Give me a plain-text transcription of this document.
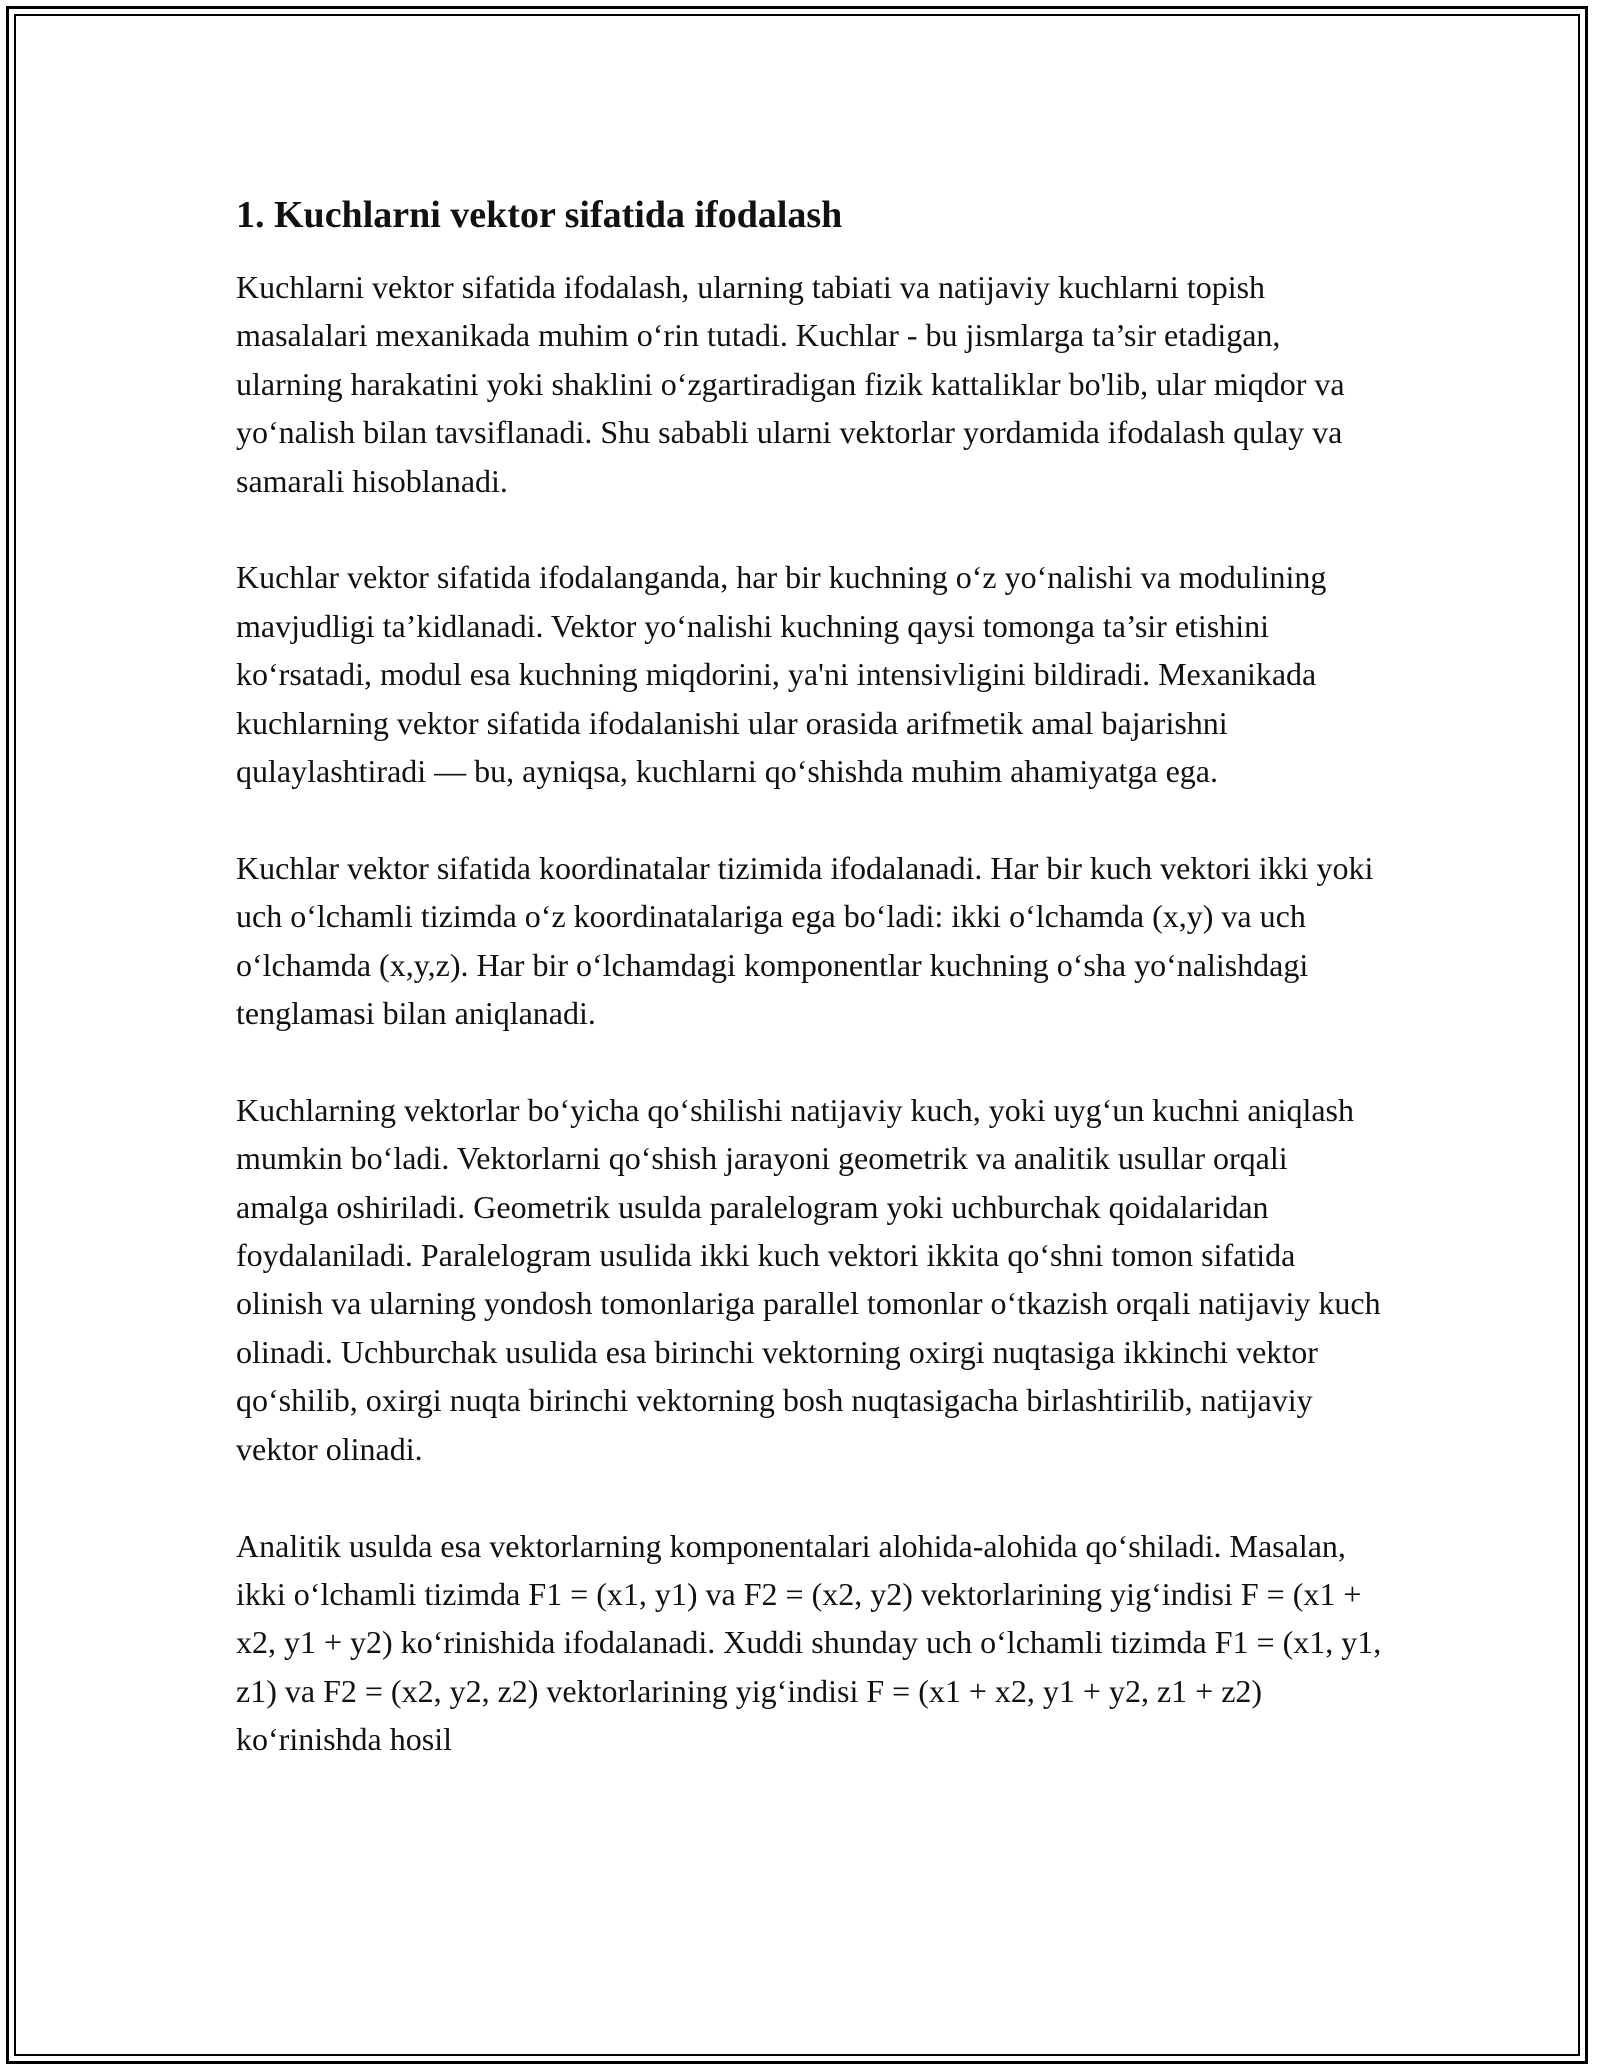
1. Kuchlarni vektor sifatida ifodalash

Kuchlarni vektor sifatida ifodalash, ularning tabiati va natijaviy kuchlarni topish masalalari mexanikada muhim o‘rin tutadi. Kuchlar - bu jismlarga ta’sir etadigan, ularning harakatini yoki shaklini o‘zgartiradigan fizik kattaliklar bo'lib, ular miqdor va yo‘nalish bilan tavsiflanadi. Shu sababli ularni vektorlar yordamida ifodalash qulay va samarali hisoblanadi.

Kuchlar vektor sifatida ifodalanganda, har bir kuchning o‘z yo‘nalishi va modulining mavjudligi ta’kidlanadi. Vektor yo‘nalishi kuchning qaysi tomonga ta’sir etishini ko‘rsatadi, modul esa kuchning miqdorini, ya'ni intensivligini bildiradi. Mexanikada kuchlarning vektor sifatida ifodalanishi ular orasida arifmetik amal bajarishni qulaylashtiradi — bu, ayniqsa, kuchlarni qo‘shishda muhim ahamiyatga ega.

Kuchlar vektor sifatida koordinatalar tizimida ifodalanadi. Har bir kuch vektori ikki yoki uch o‘lchamli tizimda o‘z koordinatalariga ega bo‘ladi: ikki o‘lchamda (x,y) va uch o‘lchamda (x,y,z). Har bir o‘lchamdagi komponentlar kuchning o‘sha yo‘nalishdagi tenglamasi bilan aniqlanadi.

Kuchlarning vektorlar bo‘yicha qo‘shilishi natijaviy kuch, yoki uyg‘un kuchni aniqlash mumkin bo‘ladi. Vektorlarni qo‘shish jarayoni geometrik va analitik usullar orqali amalga oshiriladi. Geometrik usulda paralelogram yoki uchburchak qoidalaridan foydalaniladi. Paralelogram usulida ikki kuch vektori ikkita qo‘shni tomon sifatida olinish va ularning yondosh tomonlariga parallel tomonlar o‘tkazish orqali natijaviy kuch olinadi. Uchburchak usulida esa birinchi vektorning oxirgi nuqtasiga ikkinchi vektor qo‘shilib, oxirgi nuqta birinchi vektorning bosh nuqtasigacha birlashtirilib, natijaviy vektor olinadi.

Analitik usulda esa vektorlarning komponentalari alohida-alohida qo‘shiladi. Masalan, ikki o‘lchamli tizimda F1 = (x1, y1) va F2 = (x2, y2) vektorlarining yig‘indisi F = (x1 + x2, y1 + y2) ko‘rinishida ifodalanadi. Xuddi shunday uch o‘lchamli tizimda F1 = (x1, y1, z1) va F2 = (x2, y2, z2) vektorlarining yig‘indisi F = (x1 + x2, y1 + y2, z1 + z2) ko‘rinishda hosil
